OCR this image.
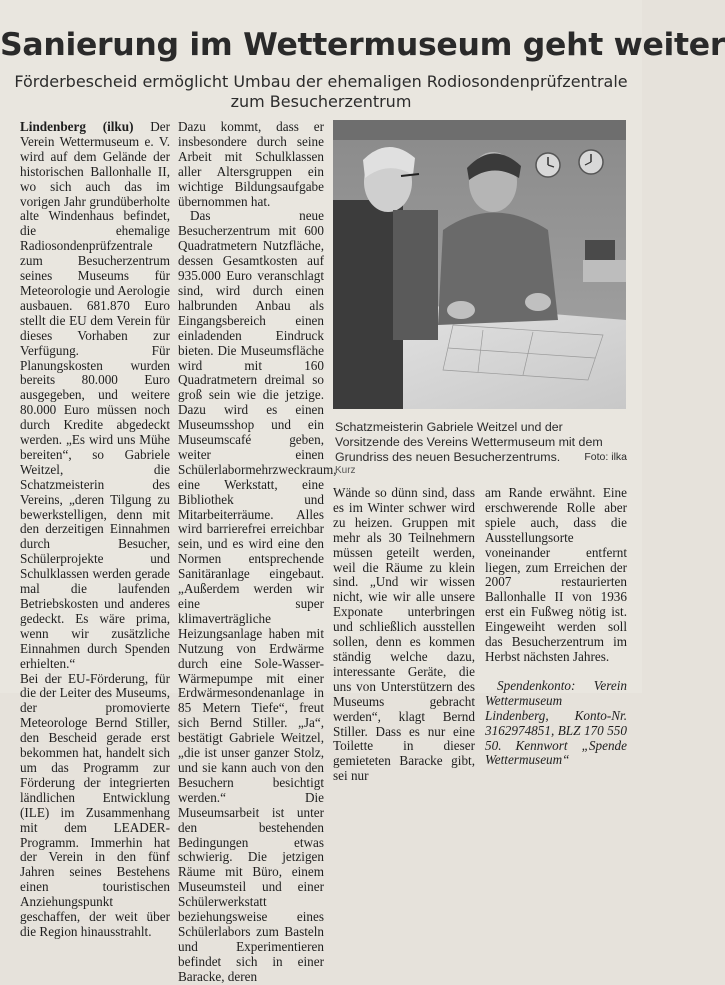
Sanierung im Wettermuseum geht weiter
Förderbescheid ermöglicht Umbau der ehemaligen Rodiosondenprüfzentrale
zum Besucherzentrum

Lindenberg (ilku) Der Verein Wettermuseum e. V. wird auf dem Gelände der historischen Ballonhalle II, wo sich auch das im vorigen Jahr grundüberholte alte Windenhaus befindet, die ehemalige Radiosondenprüfzentrale zum Besucherzentrum seines Museums für Meteorologie und Aerologie ausbauen. 681.870 Euro stellt die EU dem Verein für dieses Vorhaben zur Verfügung. Für Planungskosten wurden bereits 80.000 Euro ausgegeben, und weitere 80.000 Euro müssen noch durch Kredite abgedeckt werden. „Es wird uns Mühe bereiten“, so Gabriele Weitzel, die Schatzmeisterin des Vereins, „deren Tilgung zu bewerkstelligen, denn mit den derzeitigen Einnahmen durch Besucher, Schülerprojekte und Schulklassen werden gerade mal die laufenden Betriebskosten und anderes gedeckt. Es wäre prima, wenn wir zusätzliche Einnahmen durch Spenden erhielten.“

Bei der EU-Förderung, für die der Leiter des Museums, der promovierte Meteorologe Bernd Stiller, den Bescheid gerade erst bekommen hat, handelt sich um das Programm zur Förderung der integrierten ländlichen Entwicklung (ILE) im Zusammenhang mit dem LEADER-Programm. Immerhin hat der Verein in den fünf Jahren seines Bestehens einen touristischen Anziehungspunkt geschaffen, der weit über die Region hinausstrahlt.

Dazu kommt, dass er insbesondere durch seine Arbeit mit Schulklassen aller Altersgruppen ein wichtige Bildungsaufgabe übernommen hat.

Das neue Besucherzentrum mit 600 Quadratmetern Nutzfläche, dessen Gesamtkosten auf 935.000 Euro veranschlagt sind, wird durch einen halbrunden Anbau als Eingangsbereich einen einladenden Eindruck bieten. Die Museumsfläche wird mit 160 Quadratmetern dreimal so groß sein wie die jetzige. Dazu wird es einen Museumsshop und ein Museumscafé geben, weiter einen Schülerlabormehrzweckraum, eine Werkstatt, eine Bibliothek und Mitarbeiterräume. Alles wird barrierefrei erreichbar sein, und es wird eine den Normen entsprechende Sanitäranlage eingebaut. „Außerdem werden wir eine super klimaverträgliche Heizungsanlage haben mit Nutzung von Erdwärme durch eine Sole-Wasser-Wärmepumpe mit einer Erdwärmesondenanlage in 85 Metern Tiefe“, freut sich Bernd Stiller. „Ja“, bestätigt Gabriele Weitzel, „die ist unser ganzer Stolz, und sie kann auch von den Besuchern besichtigt werden.“ Die Museumsarbeit ist unter den bestehenden Bedingungen etwas schwierig. Die jetzigen Räume mit Büro, einem Museumsteil und einer Schülerwerkstatt beziehungsweise eines Schülerlabors zum Basteln und Experimentieren befindet sich in einer Baracke, deren

Schatzmeisterin Gabriele Weitzel und der Vorsitzende des Vereins Wettermuseum mit dem Grundriss des neuen Besucherzentrums. Foto: ilka
Kurz

Wände so dünn sind, dass es im Winter schwer wird zu heizen. Gruppen mit mehr als 30 Teilnehmern müssen geteilt werden, weil die Räume zu klein sind. „Und wir wissen nicht, wie wir alle unsere Exponate unterbringen und schließlich ausstellen sollen, denn es kommen ständig welche dazu, interessante Geräte, die uns von Unterstützern des Museums gebracht werden“, klagt Bernd Stiller. Dass es nur eine Toilette in dieser gemieteten Baracke gibt, sei nur

am Rande erwähnt. Eine erschwerende Rolle aber spiele auch, dass die Ausstellungsorte voneinander entfernt liegen, zum Erreichen der 2007 restaurierten Ballonhalle II von 1936 erst ein Fußweg nötig ist. Eingeweiht werden soll das Besucherzentrum im Herbst nächsten Jahres.

Spendenkonto: Verein Wettermuseum Lindenberg, Konto-Nr. 3162974851, BLZ 170 550 50. Kennwort „Spende Wettermuseum“
